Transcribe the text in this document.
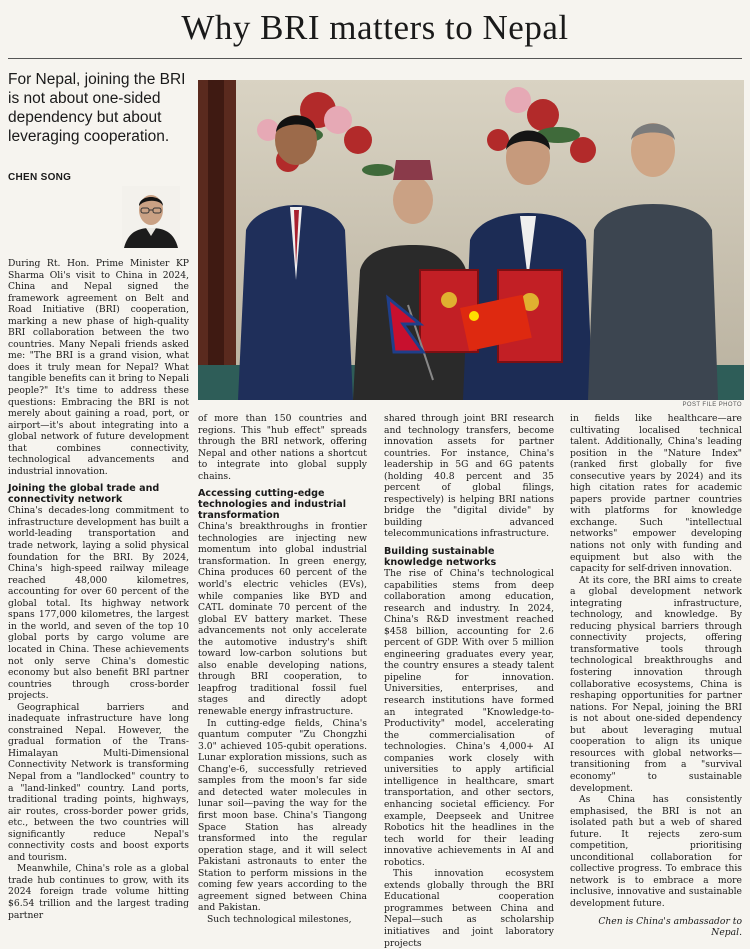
Why BRI matters to Nepal
For Nepal, joining the BRI is not about one-sided dependency but about leveraging cooperation.
CHEN SONG
POST FILE PHOTO

During Rt. Hon. Prime Minister KP Sharma Oli's visit to China in 2024, China and Nepal signed the framework agreement on Belt and Road Initiative (BRI) cooperation, marking a new phase of high-quality BRI collaboration between the two countries. Many Nepali friends asked me: "The BRI is a grand vision, what does it truly mean for Nepal? What tangible benefits can it bring to Nepali people?" It's time to address these questions: Embracing the BRI is not merely about gaining a road, port, or airport—it's about integrating into a global network of future development that combines connectivity, technological advancements and industrial innovation.

Joining the global trade and connectivity network

China's decades-long commitment to infrastructure development has built a world-leading transportation and trade network, laying a solid physical foundation for the BRI. By 2024, China's high-speed railway mileage reached 48,000 kilometres, accounting for over 60 percent of the global total. Its highway network spans 177,000 kilometres, the largest in the world, and seven of the top 10 global ports by cargo volume are located in China. These achievements not only serve China's domestic economy but also benefit BRI partner countries through cross-border projects.

Geographical barriers and inadequate infrastructure have long constrained Nepal. However, the gradual formation of the Trans-Himalayan Multi-Dimensional Connectivity Network is transforming Nepal from a "landlocked" country to a "land-linked" country. Land ports, traditional trading points, highways, air routes, cross-border power grids, etc., between the two countries will significantly reduce Nepal's connectivity costs and boost exports and tourism.

Meanwhile, China's role as a global trade hub continues to grow, with its 2024 foreign trade volume hitting $6.54 trillion and the largest trading partner

of more than 150 countries and regions. This "hub effect" spreads through the BRI network, offering Nepal and other nations a shortcut to integrate into global supply chains.

Accessing cutting-edge technologies and industrial transformation

China's breakthroughs in frontier technologies are injecting new momentum into global industrial transformation. In green energy, China produces 60 percent of the world's electric vehicles (EVs), while companies like BYD and CATL dominate 70 percent of the global EV battery market. These advancements not only accelerate the automotive industry's shift toward low-carbon solutions but also enable developing nations, through BRI cooperation, to leapfrog traditional fossil fuel stages and directly adopt renewable energy infrastructure.

In cutting-edge fields, China's quantum computer "Zu Chongzhi 3.0" achieved 105-qubit operations. Lunar exploration missions, such as Chang'e-6, successfully retrieved samples from the moon's far side and detected water molecules in lunar soil—paving the way for the first moon base. China's Tiangong Space Station has already transformed into the regular operation stage, and it will select Pakistani astronauts to enter the Station to perform missions in the coming few years according to the agreement signed between China and Pakistan.

Such technological milestones,

shared through joint BRI research and technology transfers, become innovation assets for partner countries. For instance, China's leadership in 5G and 6G patents (holding 40.8 percent and 35 percent of global filings, respectively) is helping BRI nations bridge the "digital divide" by building advanced telecommunications infrastructure.

Building sustainable knowledge networks

The rise of China's technological capabilities stems from deep collaboration among education, research and industry. In 2024, China's R&D investment reached $458 billion, accounting for 2.6 percent of GDP. With over 5 million engineering graduates every year, the country ensures a steady talent pipeline for innovation. Universities, enterprises, and research institutions have formed an integrated "Knowledge-to-Productivity" model, accelerating the commercialisation of technologies. China's 4,000+ AI companies work closely with universities to apply artificial intelligence in healthcare, smart transportation, and other sectors, enhancing societal efficiency. For example, Deepseek and Unitree Robotics hit the headlines in the tech world for their leading innovative achievements in AI and robotics.

This innovation ecosystem extends globally through the BRI Educational cooperation programmes between China and Nepal—such as scholarship initiatives and joint laboratory projects

in fields like healthcare—are cultivating localised technical talent. Additionally, China's leading position in the "Nature Index" (ranked first globally for five consecutive years by 2024) and its high citation rates for academic papers provide partner countries with platforms for knowledge exchange. Such "intellectual networks" empower developing nations not only with funding and equipment but also with the capacity for self-driven innovation.

At its core, the BRI aims to create a global development network integrating infrastructure, technology, and knowledge. By reducing physical barriers through connectivity projects, offering transformative tools through technological breakthroughs and fostering innovation through collaborative ecosystems, China is reshaping opportunities for partner nations. For Nepal, joining the BRI is not about one-sided dependency but about leveraging mutual cooperation to align its unique resources with global networks—transitioning from a "survival economy" to sustainable development.

As China has consistently emphasised, the BRI is not an isolated path but a web of shared future. It rejects zero-sum competition, prioritising unconditional collaboration for collective progress. To embrace this network is to embrace a more inclusive, innovative and sustainable development future.

Chen is China's ambassador to Nepal.
